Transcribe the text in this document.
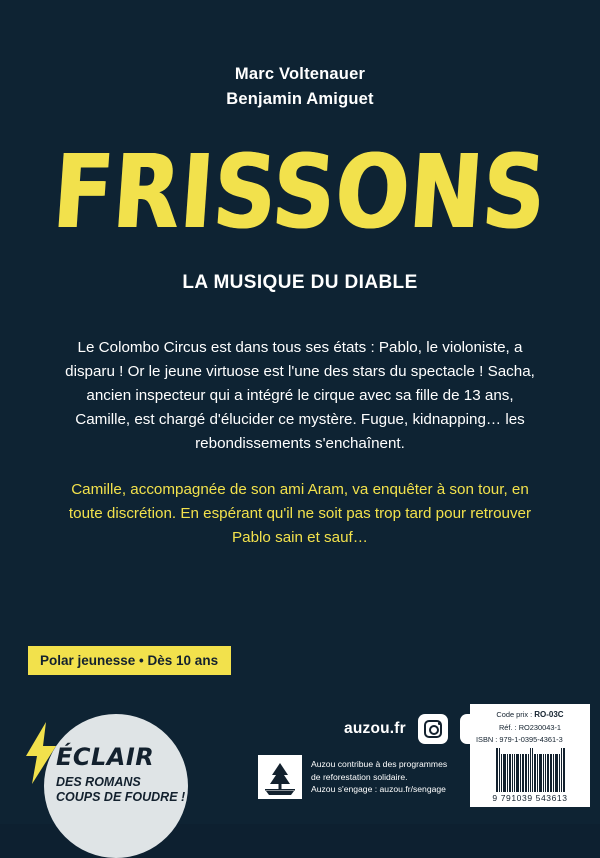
Marc Voltenauer
Benjamin Amiguet
FRISSONS
LA MUSIQUE DU DIABLE

Le Colombo Circus est dans tous ses états : Pablo, le violoniste, a disparu ! Or le jeune virtuose est l'une des stars du spectacle ! Sacha, ancien inspecteur qui a intégré le cirque avec sa fille de 13 ans, Camille, est chargé d'élucider ce mystère. Fugue, kidnapping… les rebondissements s'enchaînent.

Camille, accompagnée de son ami Aram, va enquêter à son tour, en toute discrétion. En espérant qu'il ne soit pas trop tard pour retrouver Pablo sain et sauf…

Polar jeunesse • Dès 10 ans
ÉCLAIR
DES ROMANS
COUPS DE FOUDRE !
auzou.fr
Auzou contribue à des programmes
de reforestation solidaire.
Auzou s'engage : auzou.fr/sengage
Code prix : RO-03C
Réf. : RO230043-1
ISBN : 979-1-0395-4361-3
9 791039 543613
